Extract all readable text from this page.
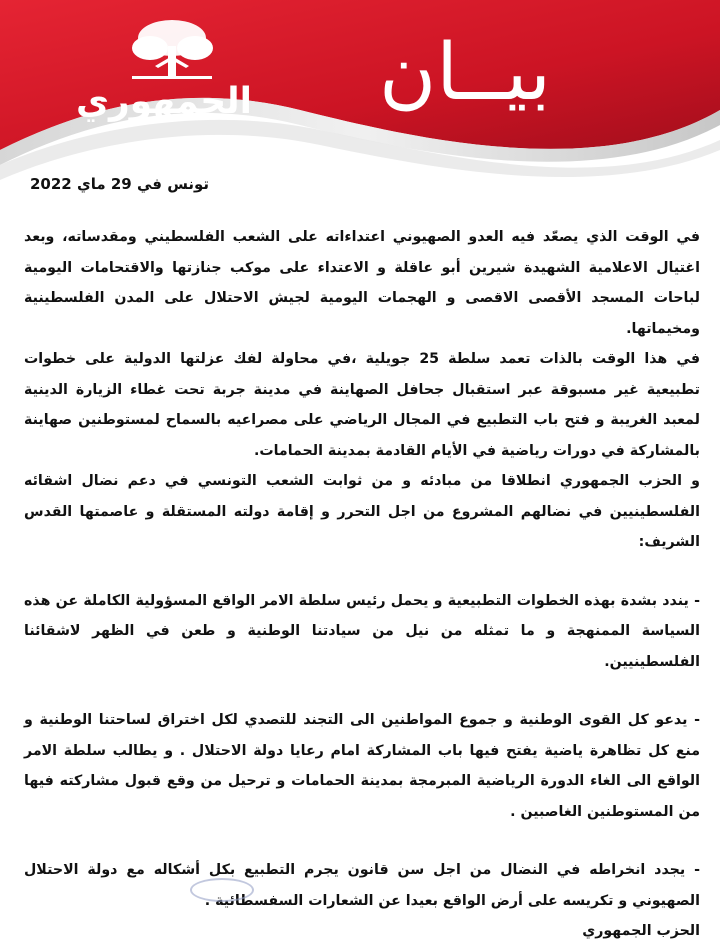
الجمهوري	بيــان
تونس في 29 ماي 2022

في الوقت الذي يصعّد فيه العدو الصهيوني اعتداءاته على الشعب الفلسطيني ومقدساته، وبعد اغتيال الاعلامية الشهيدة شيرين أبو عاقلة و الاعتداء على موكب جنازتها والاقتحامات اليومية لباحات المسجد الأقصى الاقصى و الهجمات اليومية لجيش الاحتلال على المدن الفلسطينية ومخيماتها.

في هذا الوقت بالذات تعمد سلطة 25 جويلية ،في محاولة لفك عزلتها الدولية على خطوات تطبيعية غير مسبوقة عبر استقبال جحافل الصهاينة في مدينة جربة تحت غطاء الزيارة الدينية لمعبد الغريبة و فتح باب التطبيع في المجال الرياضي على مصراعيه بالسماح لمستوطنين صهاينة بالمشاركة في دورات رياضية في الأيام القادمة بمدينة الحمامات.

و الحزب الجمهوري انطلاقا من مبادئه و من ثوابت الشعب التونسي في دعم نضال اشقائه الفلسطينيين في نضالهم المشروع من اجل التحرر و إقامة دولته المستقلة و عاصمتها القدس الشريف:

- يندد بشدة بهذه الخطوات التطبيعية و يحمل رئيس سلطة الامر الواقع المسؤولية الكاملة عن هذه السياسة الممنهجة و ما تمثله من نيل من سيادتنا الوطنية و طعن في الظهر لاشقائنا الفلسطينيين.

- يدعو كل القوى الوطنية و جموع المواطنين الى التجند للتصدي لكل اختراق لساحتنا الوطنية و منع كل تظاهرة ياضية يفتح فيها باب المشاركة امام رعايا دولة الاحتلال . و يطالب سلطة الامر الواقع الى الغاء الدورة الرياضية المبرمجة بمدينة الحمامات و ترحيل من وقع قبول مشاركته فيها من المستوطنين الغاصبين .

- يجدد انخراطه في النضال من اجل سن قانون يجرم التطبيع بكل أشكاله مع دولة الاحتلال الصهيوني و تكريسه على أرض الواقع بعيدا عن الشعارات السفسطائية .

الحزب الجمهوري
